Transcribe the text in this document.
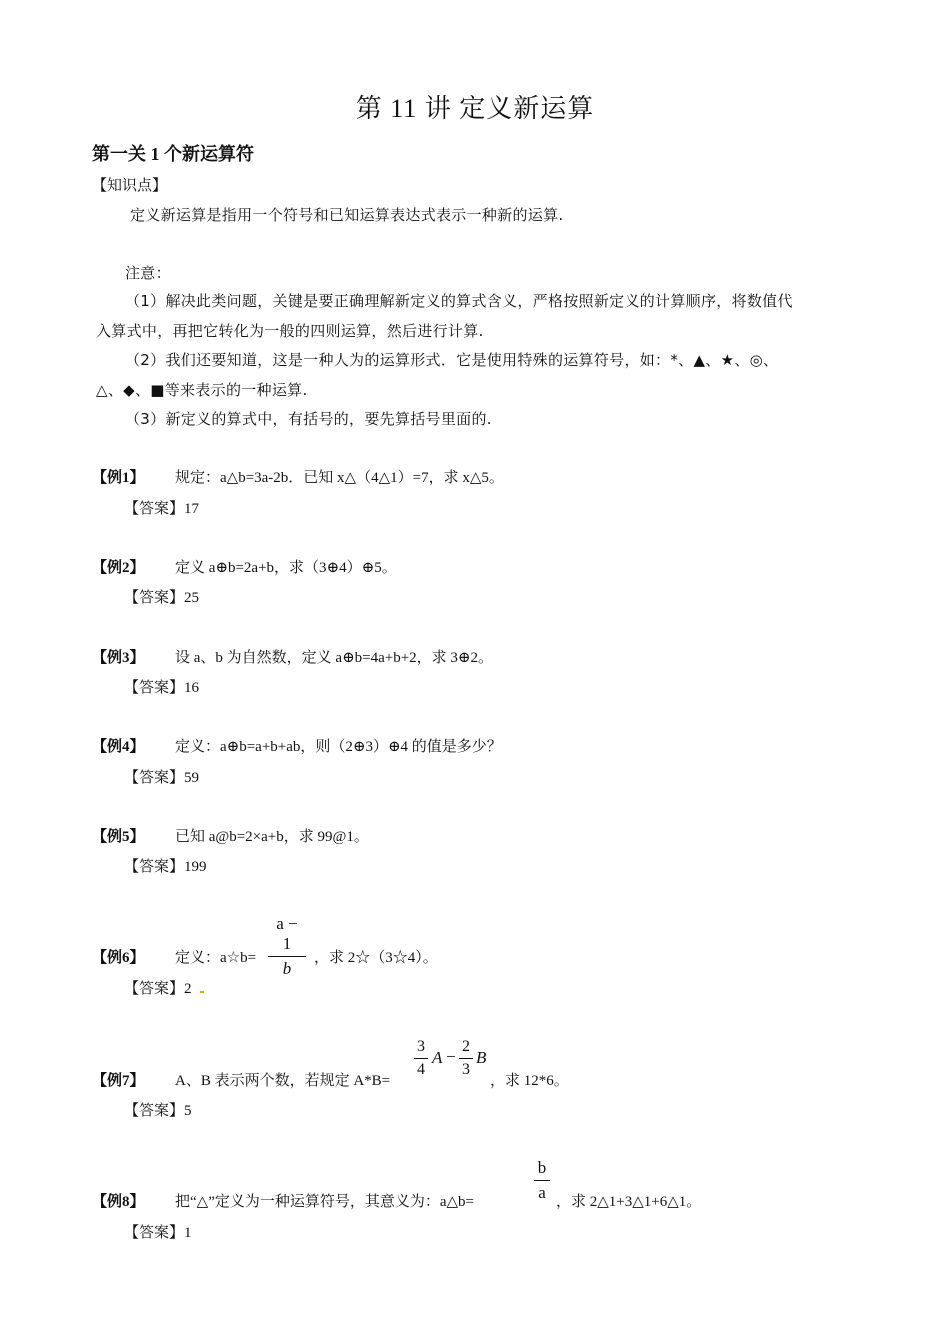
第 11 讲 定义新运算
第一关 1 个新运算符
【知识点】
定义新运算是指用一个符号和已知运算表达式表示一种新的运算.
注意：
（1）解决此类问题，关键是要正确理解新定义的算式含义，严格按照新定义的计算顺序，将数值代
入算式中，再把它转化为一般的四则运算，然后进行计算.
（2）我们还要知道，这是一种人为的运算形式．它是使用特殊的运算符号，如：*、▲、★、◎、
△、◆、■等来表示的一种运算.
（3）新定义的算式中，有括号的，要先算括号里面的.
【例1】 规定：a△b=3a-2b．已知 x△（4△1）=7，求 x△5。
【答案】17
【例2】 定义 a⊕b=2a+b，求（3⊕4）⊕5。
【答案】25
【例3】 设 a、b 为自然数，定义 a⊕b=4a+b+2，求 3⊕2。
【答案】16
【例4】 定义：a⊕b=a+b+ab，则（2⊕3）⊕4 的值是多少？
【答案】59
【例5】 已知 a@b=2×a+b，求 99@1。
【答案】199
【例6】 定义：a☆b= $\frac{a - 1}{b}$ ，求 2☆（3☆4）。
【答案】2
【例7】 A、B 表示两个数，若规定 A*B=
$\frac{3}{4}$ $A - \frac{2}{3}$ B
，求 12*6。
【答案】5
【例8】 把“△”定义为一种运算符号，其意义为：a△b=	$\frac{b}{a}$ ，求 2△1+3△1+6△1。
【答案】1
